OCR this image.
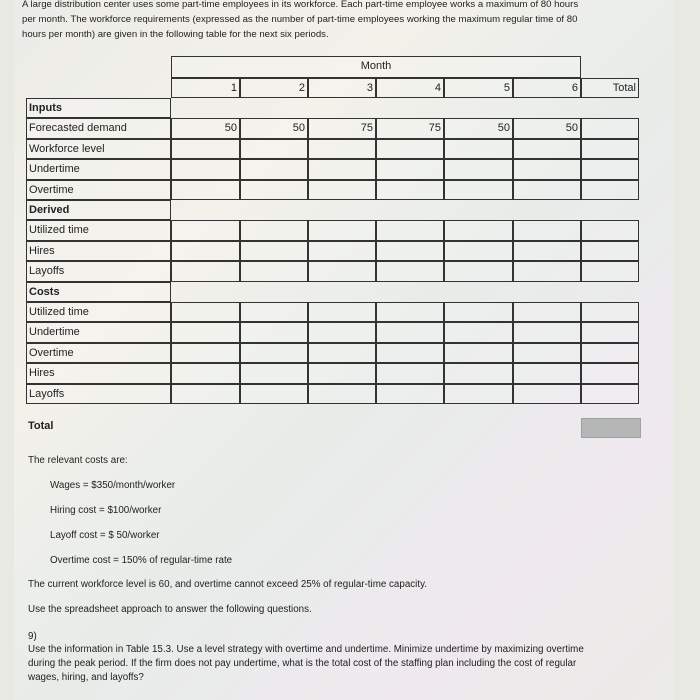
A large distribution center uses some part-time employees in its workforce. Each part-time employee works a maximum of 80 hours
per month. The workforce requirements (expressed as the number of part-time employees working the maximum regular time of 80
hours per month) are given in the following table for the next six periods.
Month
1	2	3	4	5	6	Total
Inputs
Forecasted demand	50	50	75	75	50	50
Workforce level
Undertime
Overtime
Derived
Utilized time
Hires
Layoffs
Costs
Utilized time
Undertime
Overtime
Hires
Layoffs
Total
The relevant costs are:
Wages = $350/month/worker
Hiring cost = $100/worker
Layoff cost = $ 50/worker
Overtime cost = 150% of regular-time rate
The current workforce level is 60, and overtime cannot exceed 25% of regular-time capacity.
Use the spreadsheet approach to answer the following questions.
9)
Use the information in Table 15.3. Use a level strategy with overtime and undertime. Minimize undertime by maximizing overtime
during the peak period. If the firm does not pay undertime, what is the total cost of the staffing plan including the cost of regular
wages, hiring, and layoffs?
